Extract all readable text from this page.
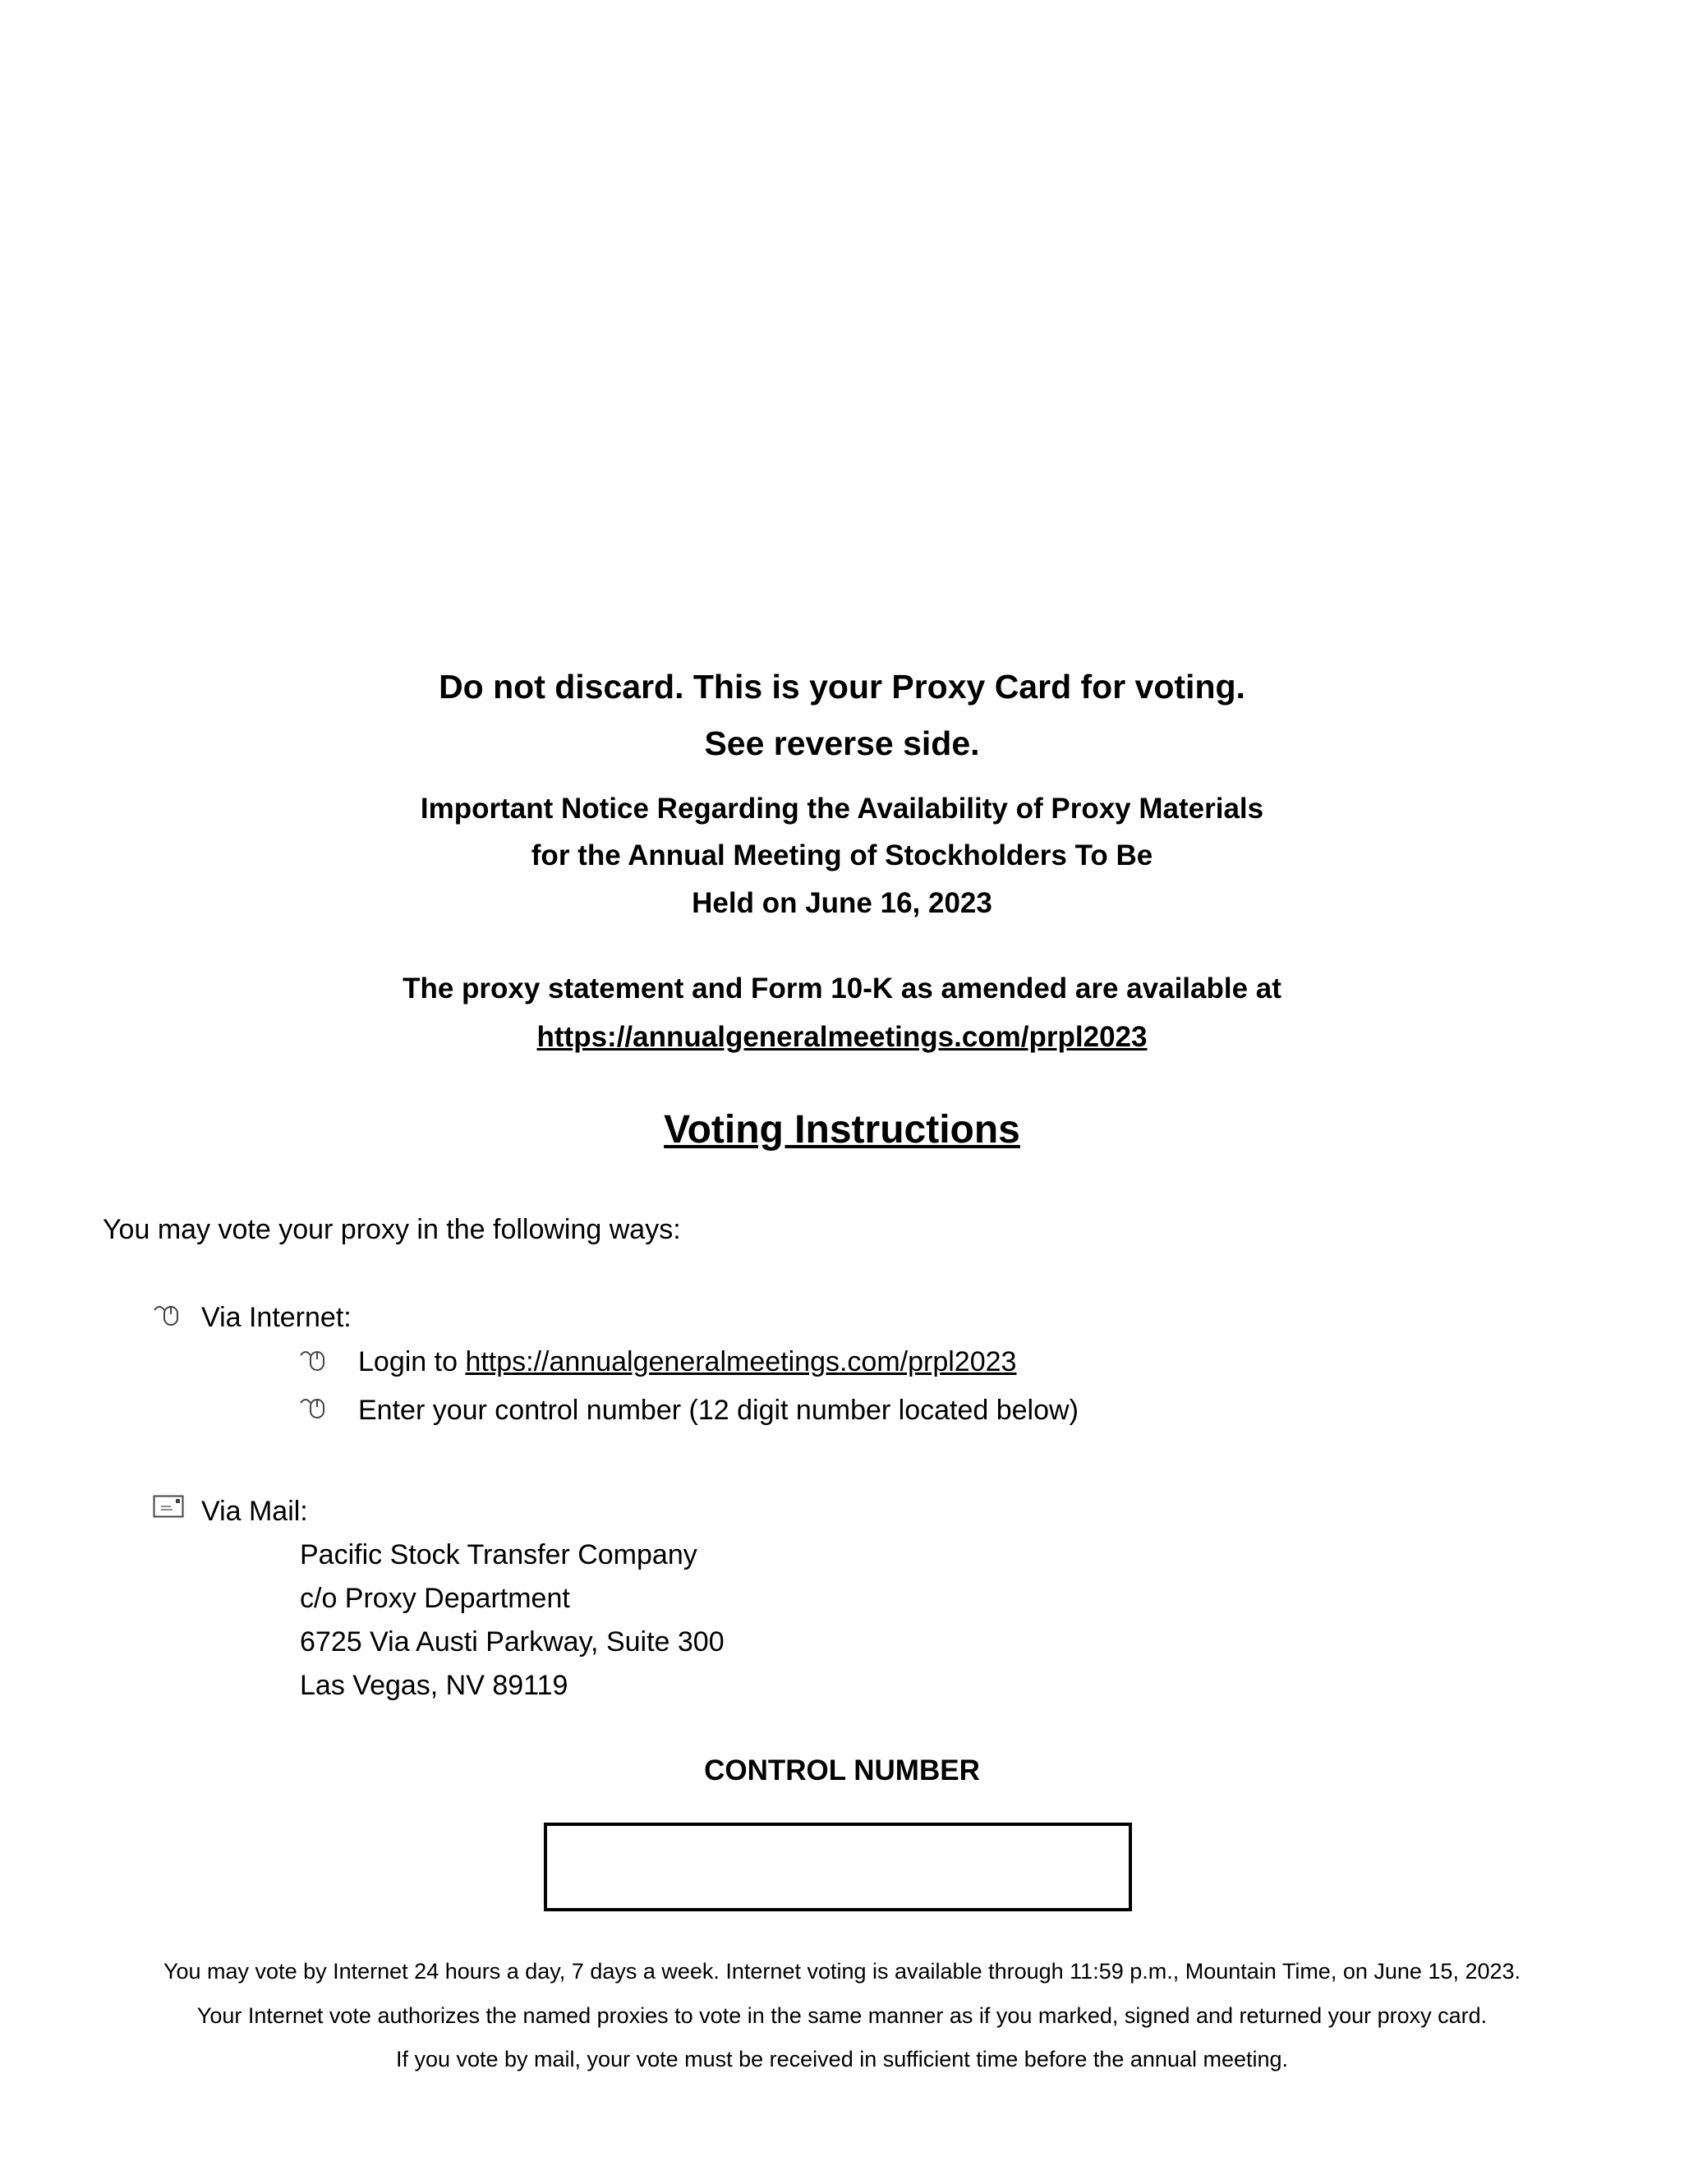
Do not discard. This is your Proxy Card for voting.
See reverse side.
Important Notice Regarding the Availability of Proxy Materials
for the Annual Meeting of Stockholders To Be
Held on June 16, 2023
The proxy statement and Form 10-K as amended are available at
https://annualgeneralmeetings.com/prpl2023
Voting Instructions
You may vote your proxy in the following ways:
Via Internet:
Login to https://annualgeneralmeetings.com/prpl2023
Enter your control number (12 digit number located below)
Via Mail:
Pacific Stock Transfer Company
c/o Proxy Department
6725 Via Austi Parkway, Suite 300
Las Vegas, NV 89119
CONTROL NUMBER
You may vote by Internet 24 hours a day, 7 days a week. Internet voting is available through 11:59 p.m., Mountain Time, on June 15, 2023.
Your Internet vote authorizes the named proxies to vote in the same manner as if you marked, signed and returned your proxy card.
If you vote by mail, your vote must be received in sufficient time before the annual meeting.
